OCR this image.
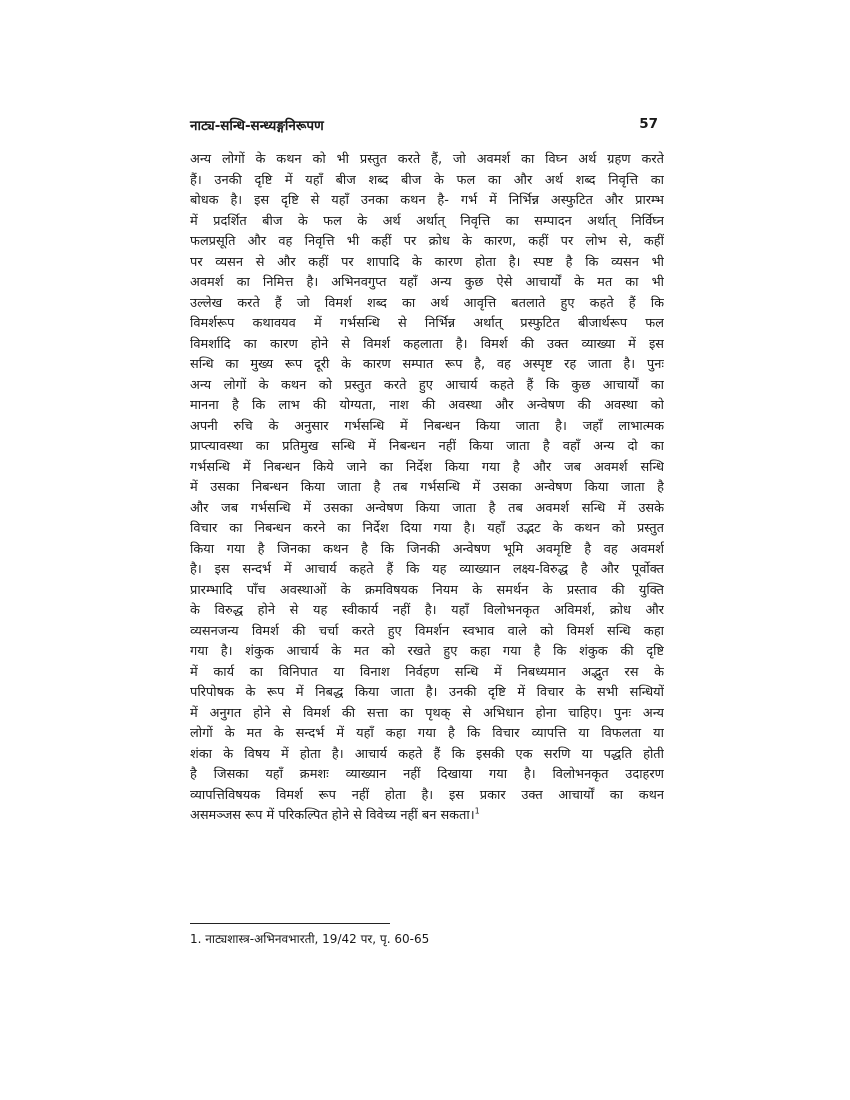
नाट्य-सन्धि-सन्ध्यङ्गनिरूपण	57
अन्य लोगों के कथन को भी प्रस्तुत करते हैं, जो अवमर्श का विघ्न अर्थ ग्रहण करते
हैं। उनकी दृष्टि में यहाँ बीज शब्द बीज के फल का और अर्थ शब्द निवृत्ति का
बोधक है। इस दृष्टि से यहाँ उनका कथन है- गर्भ में निर्भिन्न अस्फुटित और प्रारम्भ
में प्रदर्शित बीज के फल के अर्थ अर्थात् निवृत्ति का सम्पादन अर्थात् निर्विघ्न
फलप्रसूति और वह निवृत्ति भी कहीं पर क्रोध के कारण, कहीं पर लोभ से, कहीं
पर व्यसन से और कहीं पर शापादि के कारण होता है। स्पष्ट है कि व्यसन भी
अवमर्श का निमित्त है। अभिनवगुप्त यहाँ अन्य कुछ ऐसे आचार्यों के मत का भी
उल्लेख करते हैं जो विमर्श शब्द का अर्थ आवृत्ति बतलाते हुए कहते हैं कि
विमर्शरूप कथावयव में गर्भसन्धि से निर्भिन्न अर्थात् प्रस्फुटित बीजार्थरूप फल
विमर्शादि का कारण होने से विमर्श कहलाता है। विमर्श की उक्त व्याख्या में इस
सन्धि का मुख्य रूप दूरी के कारण सम्पात रूप है, वह अस्पृष्ट रह जाता है। पुनः
अन्य लोगों के कथन को प्रस्तुत करते हुए आचार्य कहते हैं कि कुछ आचार्यों का
मानना है कि लाभ की योग्यता, नाश की अवस्था और अन्वेषण की अवस्था को
अपनी रुचि के अनुसार गर्भसन्धि में निबन्धन किया जाता है। जहाँ लाभात्मक
प्राप्त्यावस्था का प्रतिमुख सन्धि में निबन्धन नहीं किया जाता है वहाँ अन्य दो का
गर्भसन्धि में निबन्धन किये जाने का निर्देश किया गया है और जब अवमर्श सन्धि
में उसका निबन्धन किया जाता है तब गर्भसन्धि में उसका अन्वेषण किया जाता है
और जब गर्भसन्धि में उसका अन्वेषण किया जाता है तब अवमर्श सन्धि में उसके
विचार का निबन्धन करने का निर्देश दिया गया है। यहाँ उद्भट के कथन को प्रस्तुत
किया गया है जिनका कथन है कि जिनकी अन्वेषण भूमि अवमृष्टि है वह अवमर्श
है। इस सन्दर्भ में आचार्य कहते हैं कि यह व्याख्यान लक्ष्य-विरुद्ध है और पूर्वोक्त
प्रारम्भादि पाँच अवस्थाओं के क्रमविषयक नियम के समर्थन के प्रस्ताव की युक्ति
के विरुद्ध होने से यह स्वीकार्य नहीं है। यहाँ विलोभनकृत अविमर्श, क्रोध और
व्यसनजन्य विमर्श की चर्चा करते हुए विमर्शन स्वभाव वाले को विमर्श सन्धि कहा
गया है। शंकुक आचार्य के मत को रखते हुए कहा गया है कि शंकुक की दृष्टि
में कार्य का विनिपात या विनाश निर्वहण सन्धि में निबध्यमान अद्भुत रस के
परिपोषक के रूप में निबद्ध किया जाता है। उनकी दृष्टि में विचार के सभी सन्धियों
में अनुगत होने से विमर्श की सत्ता का पृथक् से अभिधान होना चाहिए। पुनः अन्य
लोगों के मत के सन्दर्भ में यहाँ कहा गया है कि विचार व्यापत्ति या विफलता या
शंका के विषय में होता है। आचार्य कहते हैं कि इसकी एक सरणि या पद्धति होती
है जिसका यहाँ क्रमशः व्याख्यान नहीं दिखाया गया है। विलोभनकृत उदाहरण
व्यापत्तिविषयक विमर्श रूप नहीं होता है। इस प्रकार उक्त आचार्यों का कथन
असमञ्जस रूप में परिकल्पित होने से विवेच्य नहीं बन सकता।$^1$
1. नाट्यशास्त्र-अभिनवभारती, 19/42 पर, पृ. 60-65
